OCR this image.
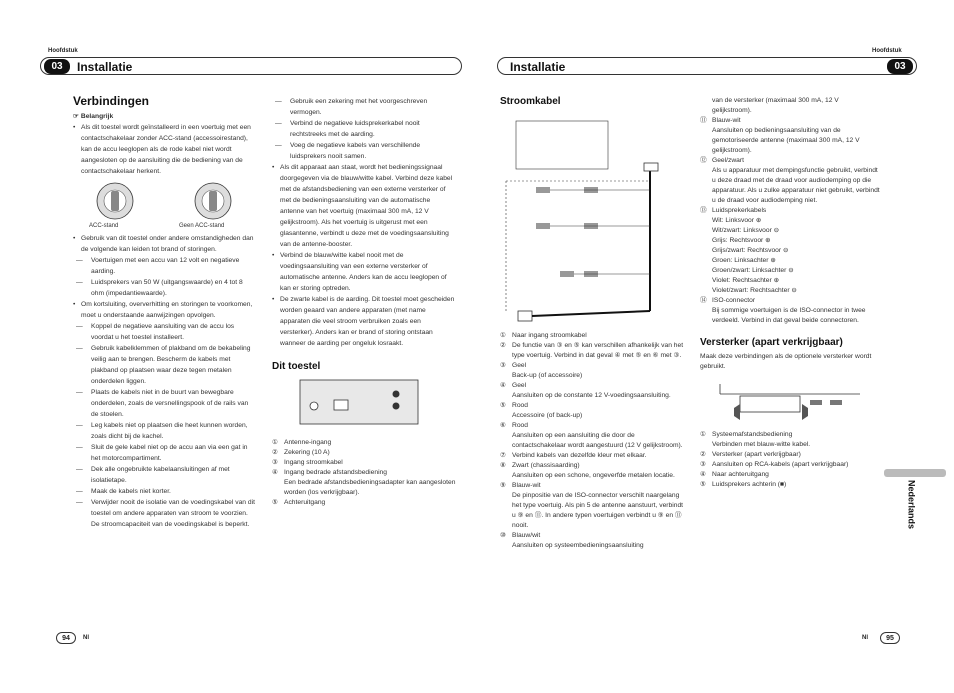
Hoofdstuk	Hoofdstuk
03	03
Installatie	Installatie
Verbindingen
☞ Belangrijk

• Als dit toestel wordt geïnstalleerd in een voertuig met een contactschakelaar zonder ACC-stand (accessoirestand), kan de accu leeglopen als de rode kabel niet wordt aangesloten op de aansluiting die de bediening van de contactschakelaar herkent.

ACC-stand	Geen ACC-stand

• Gebruik van dit toestel onder andere omstandigheden dan de volgende kan leiden tot brand of storingen.

— Voertuigen met een accu van 12 volt en negatieve aarding.

— Luidsprekers van 50 W (uitgangswaarde) en 4 tot 8 ohm (impedantiewaarde).

• Om kortsluiting, oververhitting en storingen te voorkomen, moet u onderstaande aanwijzingen opvolgen.

— Koppel de negatieve aansluiting van de accu los voordat u het toestel installeert.

— Gebruik kabelklemmen of plakband om de bekabeling veilig aan te brengen. Bescherm de kabels met plakband op plaatsen waar deze tegen metalen onderdelen liggen.

— Plaats de kabels niet in de buurt van bewegbare onderdelen, zoals de versnellingspook of de rails van de stoelen.

— Leg kabels niet op plaatsen die heet kunnen worden, zoals dicht bij de kachel.

— Sluit de gele kabel niet op de accu aan via een gat in het motorcompartiment.

— Dek alle ongebruikte kabelaansluitingen af met isolatietape.

— Maak de kabels niet korter.

— Verwijder nooit de isolatie van de voedingskabel van dit toestel om andere apparaten van stroom te voorzien. De stroomcapaciteit van de voedingskabel is beperkt.

— Gebruik een zekering met het voorgeschreven vermogen.

— Verbind de negatieve luidsprekerkabel nooit rechtstreeks met de aarding.

— Voeg de negatieve kabels van verschillende luidsprekers nooit samen.

• Als dit apparaat aan staat, wordt het bedieningssignaal doorgegeven via de blauw/witte kabel. Verbind deze kabel met de afstandsbediening van een externe versterker of met de bedieningsaansluiting van de automatische antenne van het voertuig (maximaal 300 mA, 12 V gelijkstroom). Als het voertuig is uitgerust met een glasantenne, verbindt u deze met de voedingsaansluiting van de antenne-booster.

• Verbind de blauw/witte kabel nooit met de voedingsaansluiting van een externe versterker of automatische antenne. Anders kan de accu leeglopen of kan er storing optreden.

• De zwarte kabel is de aarding. Dit toestel moet gescheiden worden geaard van andere apparaten (met name apparaten die veel stroom verbruiken zoals een versterker). Anders kan er brand of storing ontstaan wanneer de aarding per ongeluk losraakt.

Dit toestel

① Antenne-ingang

② Zekering (10 A)

③ Ingang stroomkabel

④ Ingang bedrade afstandsbediening
Een bedrade afstandsbedieningsadapter kan aangesloten worden (los verkrijgbaar).

⑤ Achteruitgang

Stroomkabel

① Naar ingang stroomkabel

② De functie van ③ en ⑤ kan verschillen afhankelijk van het type voertuig. Verbind in dat geval ④ met ⑤ en ⑥ met ③.

③ Geel
Back-up (of accessoire)

④ Geel
Aansluiten op de constante 12 V-voedingsaansluiting.

⑤ Rood
Accessoire (of back-up)

⑥ Rood
Aansluiten op een aansluiting die door de contactschakelaar wordt aangestuurd (12 V gelijkstroom).

⑦ Verbind kabels van dezelfde kleur met elkaar.

⑧ Zwart (chassisaarding)
Aansluiten op een schone, ongeverfde metalen locatie.

⑨ Blauw-wit
De pinpositie van de ISO-connector verschilt naargelang het type voertuig. Als pin 5 de antenne aanstuurt, verbindt u ⑨ en ⑪. In andere typen voertuigen verbindt u ⑨ en ⑪ nooit.

⑩ Blauw/wit
Aansluiten op systeembedieningsaansluiting

van de versterker (maximaal 300 mA, 12 V gelijkstroom).

⑪ Blauw-wit
Aansluiten op bedieningsaansluiting van de gemotoriseerde antenne (maximaal 300 mA, 12 V gelijkstroom).

⑫ Geel/zwart
Als u apparatuur met dempingsfunctie gebruikt, verbindt u deze draad met de draad voor audiodemping op die apparatuur. Als u zulke apparatuur niet gebruikt, verbindt u de draad voor audiodemping niet.

⑬ Luidsprekerkabels
Wit: Linksvoor ⊕
Wit/zwart: Linksvoor ⊖
Grijs: Rechtsvoor ⊕
Grijs/zwart: Rechtsvoor ⊖
Groen: Linksachter ⊕
Groen/zwart: Linksachter ⊖
Violet: Rechtsachter ⊕
Violet/zwart: Rechtsachter ⊖

⑭ ISO-connector
Bij sommige voertuigen is de ISO-connector in twee verdeeld. Verbind in dat geval beide connectoren.

Versterker (apart verkrijgbaar)

Maak deze verbindingen als de optionele versterker wordt gebruikt.

① Systeemafstandsbediening
Verbinden met blauw-witte kabel.

② Versterker (apart verkrijgbaar)

③ Aansluiten op RCA-kabels (apart verkrijgbaar)

④ Naar achteruitgang

⑤ Luidsprekers achterin (■)	Nederlands
94	Nl	Nl	95
